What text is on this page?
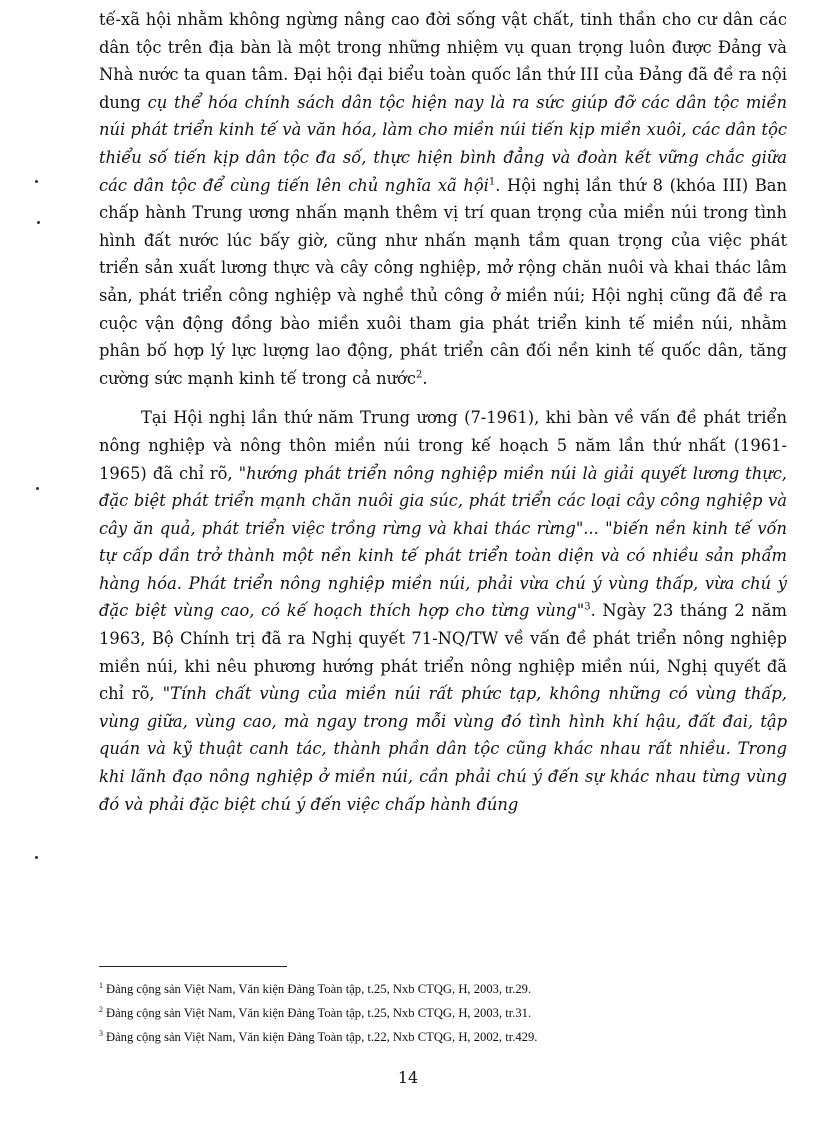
tế-xã hội nhằm không ngừng nâng cao đời sống vật chất, tinh thần cho cư dân các dân tộc trên địa bàn là một trong những nhiệm vụ quan trọng luôn được Đảng và Nhà nước ta quan tâm. Đại hội đại biểu toàn quốc lần thứ III của Đảng đã đề ra nội dung cụ thể hóa chính sách dân tộc hiện nay là ra sức giúp đỡ các dân tộc miền núi phát triển kinh tế và văn hóa, làm cho miền núi tiến kịp miền xuôi, các dân tộc thiểu số tiến kịp dân tộc đa số, thực hiện bình đẳng và đoàn kết vững chắc giữa các dân tộc để cùng tiến lên chủ nghĩa xã hội$^1$. Hội nghị lần thứ 8 (khóa III) Ban chấp hành Trung ương nhấn mạnh thêm vị trí quan trọng của miền núi trong tình hình đất nước lúc bấy giờ, cũng như nhấn mạnh tầm quan trọng của việc phát triển sản xuất lương thực và cây công nghiệp, mở rộng chăn nuôi và khai thác lâm sản, phát triển công nghiệp và nghề thủ công ở miền núi; Hội nghị cũng đã đề ra cuộc vận động đồng bào miền xuôi tham gia phát triển kinh tế miền núi, nhằm phân bố hợp lý lực lượng lao động, phát triển cân đối nền kinh tế quốc dân, tăng cường sức mạnh kinh tế trong cả nước$^2$.

Tại Hội nghị lần thứ năm Trung ương (7-1961), khi bàn về vấn đề phát triển nông nghiệp và nông thôn miền núi trong kế hoạch 5 năm lần thứ nhất (1961- 1965) đã chỉ rõ, "hướng phát triển nông nghiệp miền núi là giải quyết lương thực, đặc biệt phát triển mạnh chăn nuôi gia súc, phát triển các loại cây công nghiệp và cây ăn quả, phát triển việc trồng rừng và khai thác rừng"... "biến nền kinh tế vốn tự cấp dần trở thành một nền kinh tế phát triển toàn diện và có nhiều sản phẩm hàng hóa. Phát triển nông nghiệp miền núi, phải vừa chú ý vùng thấp, vừa chú ý đặc biệt vùng cao, có kế hoạch thích hợp cho từng vùng"$^3$. Ngày 23 tháng 2 năm 1963, Bộ Chính trị đã ra Nghị quyết 71-NQ/TW về vấn đề phát triển nông nghiệp miền núi, khi nêu phương hướng phát triển nông nghiệp miền núi, Nghị quyết đã chỉ rõ, "Tính chất vùng của miền núi rất phức tạp, không những có vùng thấp, vùng giữa, vùng cao, mà ngay trong mỗi vùng đó tình hình khí hậu, đất đai, tập quán và kỹ thuật canh tác, thành phần dân tộc cũng khác nhau rất nhiều. Trong khi lãnh đạo nông nghiệp ở miền núi, cần phải chú ý đến sự khác nhau từng vùng đó và phải đặc biệt chú ý đến việc chấp hành đúng

$^1$ Đảng cộng sản Việt Nam, Văn kiện Đảng Toàn tập, t.25, Nxb CTQG, H, 2003, tr.29.
$^2$ Đảng cộng sản Việt Nam, Văn kiện Đảng Toàn tập, t.25, Nxb CTQG, H, 2003, tr.31.
$^3$ Đảng cộng sản Việt Nam, Văn kiện Đảng Toàn tập, t.22, Nxb CTQG, H, 2002, tr.429.
14
